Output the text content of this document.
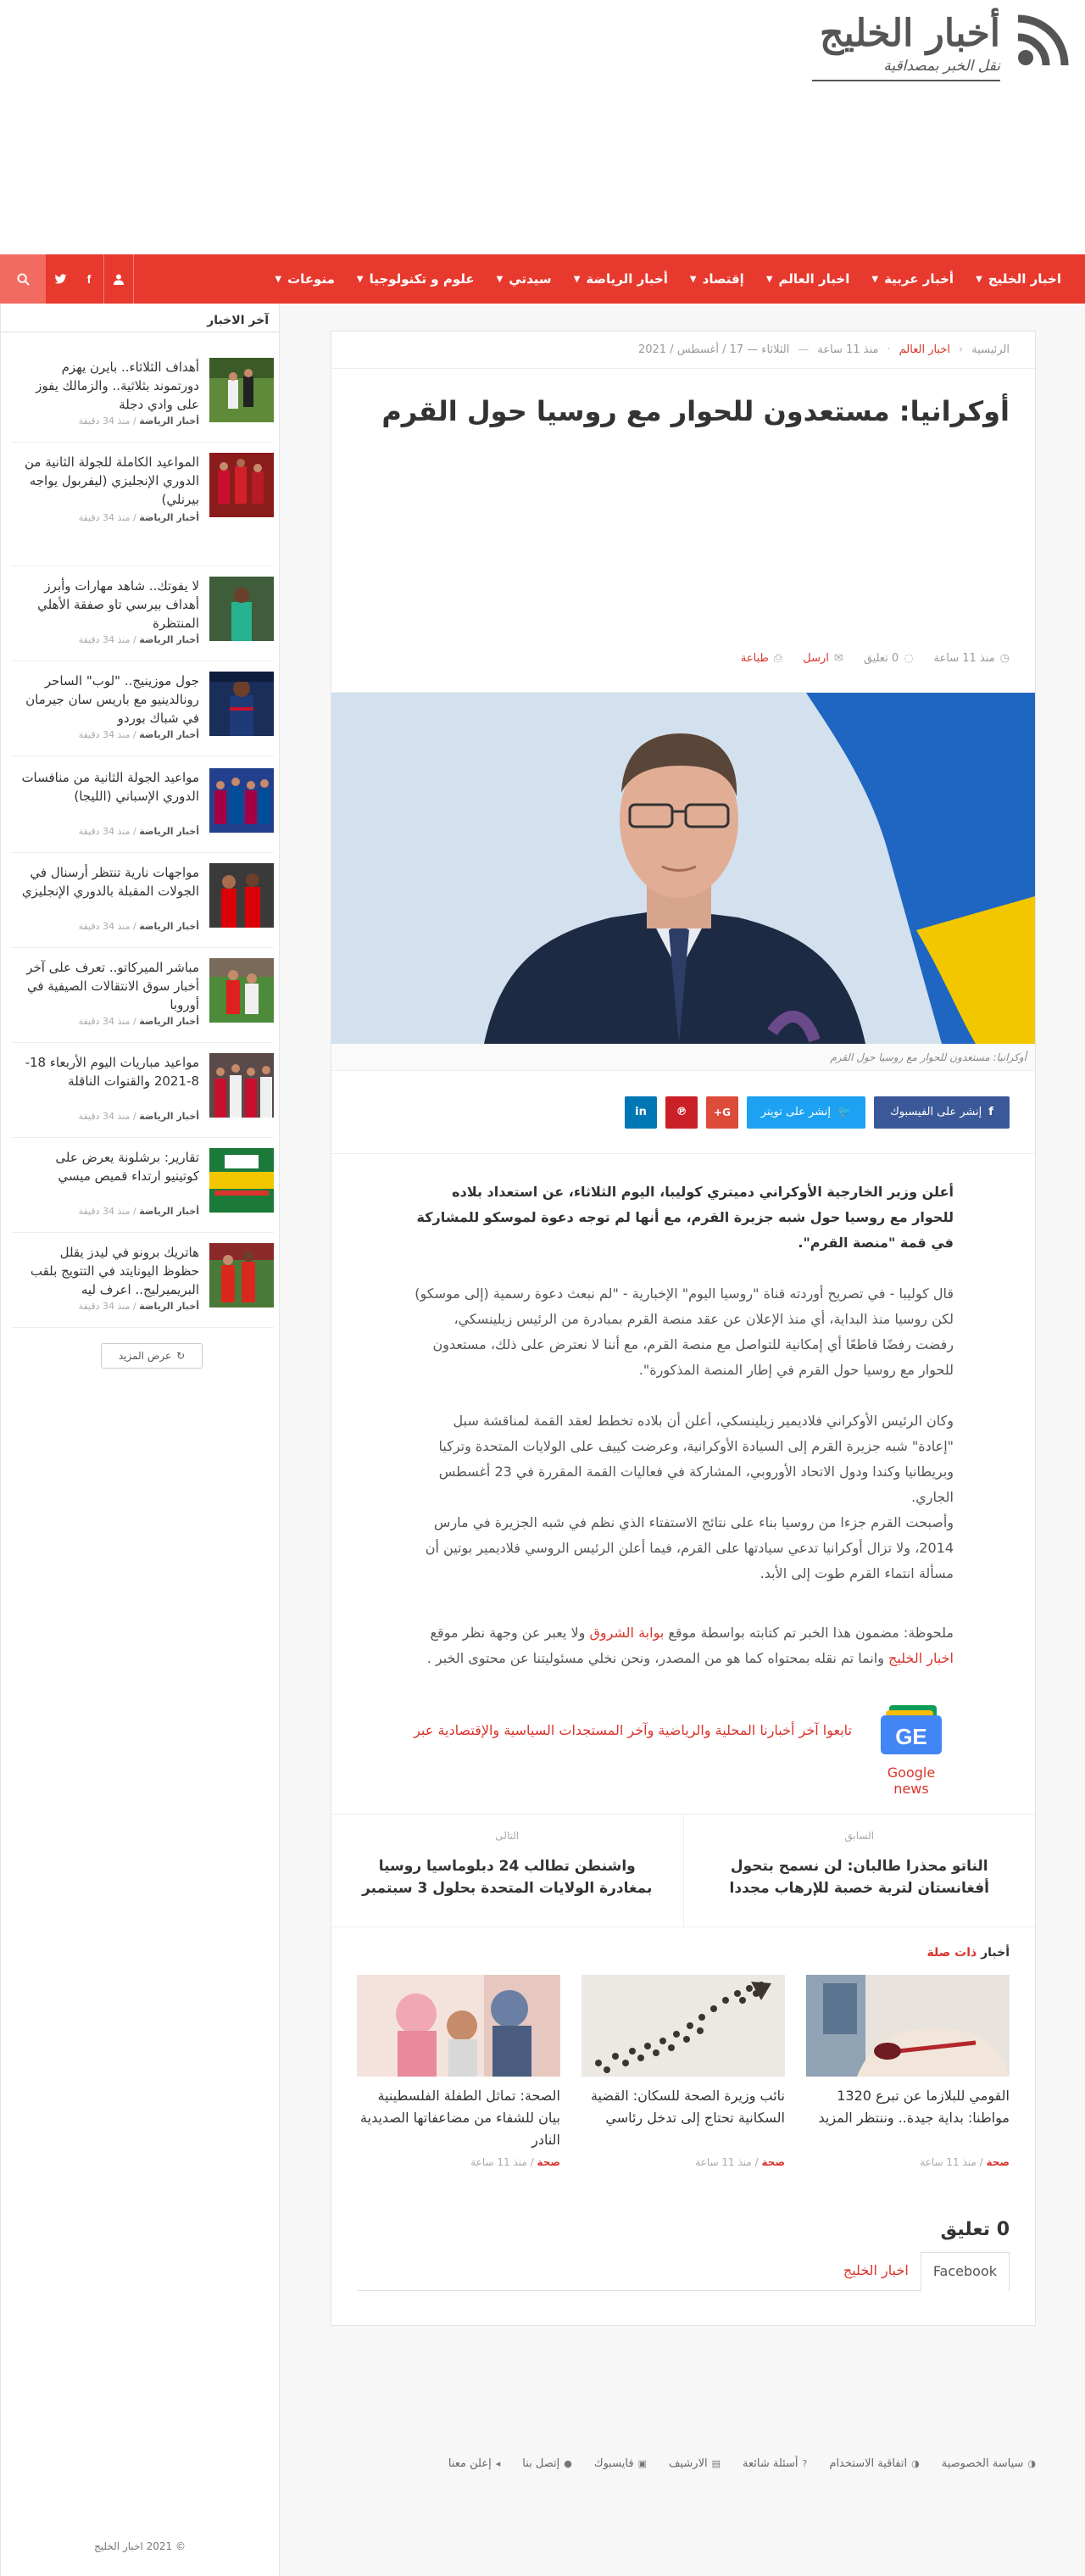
أخبار الخليج
نقل الخبر بمصداقية
اخبار الخليج
▼
أخبار عربية
▼
اخبار العالم
▼
إقتصاد
▼
أخبار الرياضة
▼
سيدتي
▼
علوم و تكنولوجيا
▼
منوعات
▼
f
الرئيسية
‹
اخبار العالم
·
منذ 11 ساعة
—
الثلاثاء — 17 / أغسطس / 2021
أوكرانيا: مستعدون للحوار مع روسيا حول القرم
◷
منذ 11 ساعة
◌
0 تعليق
✉
ارسل
⎙
طباعة
أوكرانيا: مستعدون للحوار مع روسيا حول القرم
f
إنشر على الفيسبوك
🐦
إنشر على تويتر
G+
℗
in

أعلن وزير الخارجية الأوكراني دميتري كوليبا، اليوم الثلاثاء، عن استعداد بلاده للحوار مع روسيا حول شبه جزيرة القرم، مع أنها لم توجه دعوة لموسكو للمشاركة في قمة "منصة القرم".

قال كوليبا - في تصريح أوردته قناة "روسيا اليوم" الإخبارية - "لم نبعث دعوة رسمية (إلى موسكو) لكن روسيا منذ البداية، أي منذ الإعلان عن عقد منصة القرم بمبادرة من الرئيس زيلينسكي، رفضت رفضًا قاطعًا أي إمكانية للتواصل مع منصة القرم، مع أننا لا نعترض على ذلك، مستعدون للحوار مع روسيا حول القرم في إطار المنصة المذكورة".

وكان الرئيس الأوكراني فلاديمير زيلينسكي، أعلن أن بلاده تخطط لعقد القمة لمناقشة سبل "إعادة" شبه جزيرة القرم إلى السيادة الأوكرانية، وعرضت كييف على الولايات المتحدة وتركيا وبريطانيا وكندا ودول الاتحاد الأوروبي، المشاركة في فعاليات القمة المقررة في 23 أغسطس الجاري.
وأصبحت القرم جزءا من روسيا بناء على نتائج الاستفتاء الذي نظم في شبه الجزيرة في مارس 2014، ولا تزال أوكرانيا تدعي سيادتها على القرم، فيما أعلن الرئيس الروسي فلاديمير بوتين أن مسألة انتماء القرم طوت إلى الأبد.

ملحوظة: مضمون هذا الخبر تم كتابته بواسطة موقع بوابة الشروق ولا يعبر عن وجهة نظر موقع اخبار الخليج وانما تم نقله بمحتواه كما هو من المصدر، ونحن نخلي مسئوليتنا عن محتوى الخبر .

GE
Google news
تابعوا آخر أخبارنا المحلية والرياضية وآخر المستجدات السياسية والإقتصادية عبر
السابق
الناتو محذرا طالبان: لن نسمح بتحول أفغانستان لتربة خصبة للإرهاب مجددا
التالى
واشنطن تطالب 24 دبلوماسيا روسيا بمغادرة الولايات المتحدة بحلول 3 سبتمبر
أخبار ذات صلة
القومي للبلازما عن تبرع 1320 مواطنا: بداية جيدة.. وننتظر المزيد
صحة / منذ 11 ساعة
نائب وزيرة الصحة للسكان: القضية السكانية تحتاج إلى تدخل رئاسي
صحة / منذ 11 ساعة
الصحة: تماثل الطفلة الفلسطينية بيان للشفاء من مضاعفاتها الصديدية النادر
صحة / منذ 11 ساعة
0 تعليق
Facebook
اخبار الخليج
آخر الاخبار
أهداف الثلاثاء.. بايرن يهزم دورتموند بثلاثية.. والزمالك يفوز على وادي دجلة
أخبار الرياضة / منذ 34 دقيقة
المواعيد الكاملة للجولة الثانية من الدوري الإنجليزي (ليفربول يواجه بيرنلي)
أخبار الرياضة / منذ 34 دقيقة
لا يفوتك.. شاهد مهارات وأبرز أهداف بيرسي تاو صفقة الأهلي المنتظرة
أخبار الرياضة / منذ 34 دقيقة
جول موزينيج.. "لوب" الساحر رونالدينيو مع باريس سان جيرمان في شباك بوردو
أخبار الرياضة / منذ 34 دقيقة
مواعيد الجولة الثانية من منافسات الدوري الإسباني (الليجا)
أخبار الرياضة / منذ 34 دقيقة
مواجهات نارية تنتظر أرسنال في الجولات المقبلة بالدوري الإنجليزي
أخبار الرياضة / منذ 34 دقيقة
مباشر الميركاتو.. تعرف على آخر أخبار سوق الانتقالات الصيفية في أوروبا
أخبار الرياضة / منذ 34 دقيقة
مواعيد مباريات اليوم الأربعاء 18-8-2021 والقنوات الناقلة
أخبار الرياضة / منذ 34 دقيقة
تقارير: برشلونة يعرض على كوتينيو ارتداء قميص ميسي
أخبار الرياضة / منذ 34 دقيقة
هاتريك برونو في ليدز يقلل حظوظ اليونايتد في التتويج بلقب البريميرليج.. اعرف ليه
أخبار الرياضة / منذ 34 دقيقة
↻
عرض المزيد
◑
سياسة الخصوصية
◑
اتفاقية الاستخدام
?
أسئلة شائعة
▤
الارشيف
▣
فايسبوك
●
إتصل بنا
◂
إعلن معنا
© 2021 اخبار الخليج
